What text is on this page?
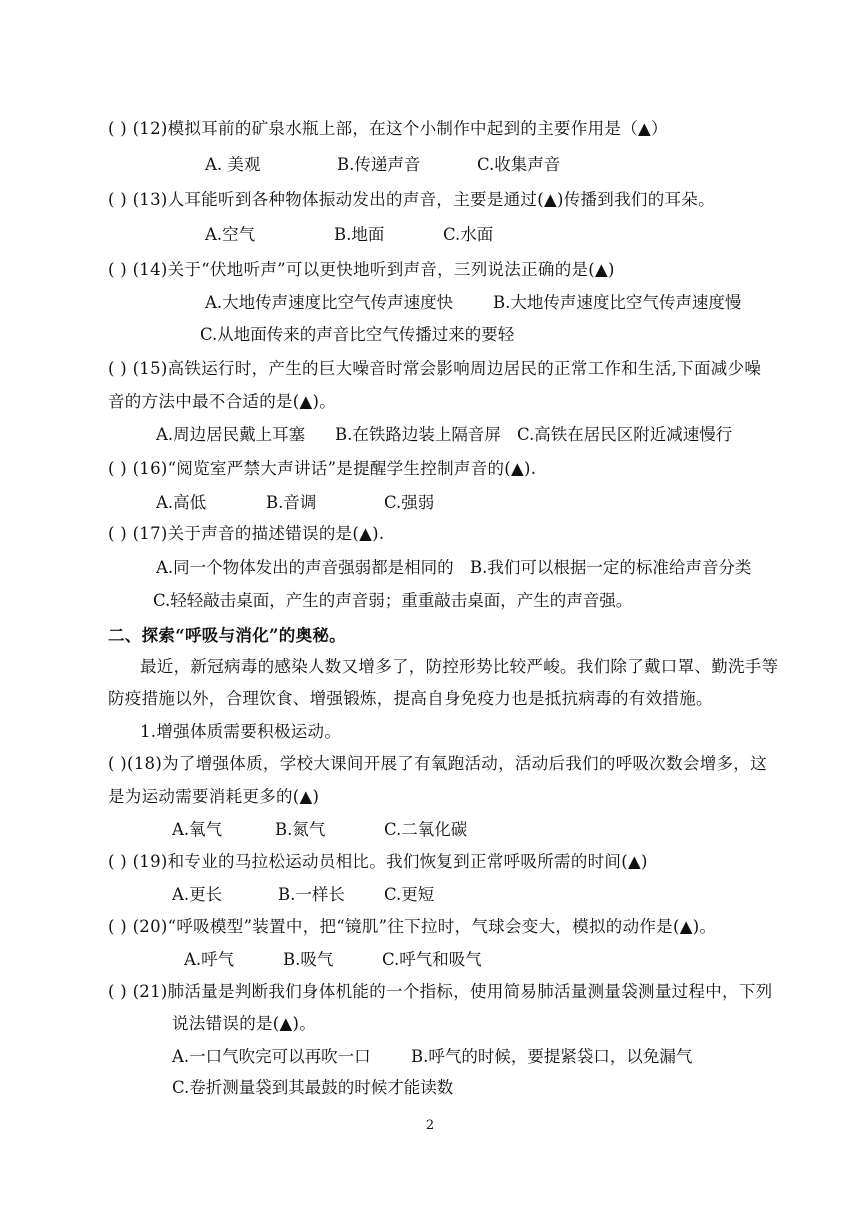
( ) (12)模拟耳前的矿泉水瓶上部，在这个小制作中起到的主要作用是（▲）
A. 美观	B.传递声音	C.收集声音
( ) (13)人耳能听到各种物体振动发出的声音，主要是通过(▲)传播到我们的耳朵。
A.空气	B.地面	C.水面
( ) (14)关于“伏地听声”可以更快地听到声音，三列说法正确的是(▲)
A.大地传声速度比空气传声速度快 B.大地传声速度比空气传声速度慢
C.从地面传来的声音比空气传播过来的要轻
( ) (15)高铁运行时，产生的巨大噪音时常会影响周边居民的正常工作和生活,下面减少噪
音的方法中最不合适的是(▲)。
A.周边居民戴上耳塞 B.在铁路边装上隔音屏 C.高铁在居民区附近减速慢行
( ) (16)“阅览室严禁大声讲话”是提醒学生控制声音的(▲).
A.高低	B.音调	C.强弱
( ) (17)关于声音的描述错误的是(▲).
A.同一个物体发出的声音强弱都是相同的 B.我们可以根据一定的标准给声音分类
C.轻轻敲击桌面，产生的声音弱；重重敲击桌面，产生的声音强。
二、探索“呼吸与消化”的奥秘。
最近，新冠病毒的感染人数又增多了，防控形势比较严峻。我们除了戴口罩、勤洗手等
防疫措施以外，合理饮食、增强锻炼，提高自身免疫力也是抵抗病毒的有效措施。
1.增强体质需要积极运动。
( )(18)为了增强体质，学校大课间开展了有氧跑活动，活动后我们的呼吸次数会增多，这
是为运动需要消耗更多的(▲)
A.氧气	B.氮气	C.二氧化碳
( ) (19)和专业的马拉松运动员相比。我们恢复到正常呼吸所需的时间(▲)
A.更长	B.一样长 C.更短
( ) (20)“呼吸模型”装置中，把“镜肌”往下拉时，气球会变大，模拟的动作是(▲)。
A.呼气	B.吸气	C.呼气和吸气
( ) (21)肺活量是判断我们身体机能的一个指标，使用简易肺活量测量袋测量过程中，下列
说法错误的是(▲)。
A.一口气吹完可以再吹一口 B.呼气的时候，要提紧袋口，以免漏气
C.卷折测量袋到其最鼓的时候才能读数
2
